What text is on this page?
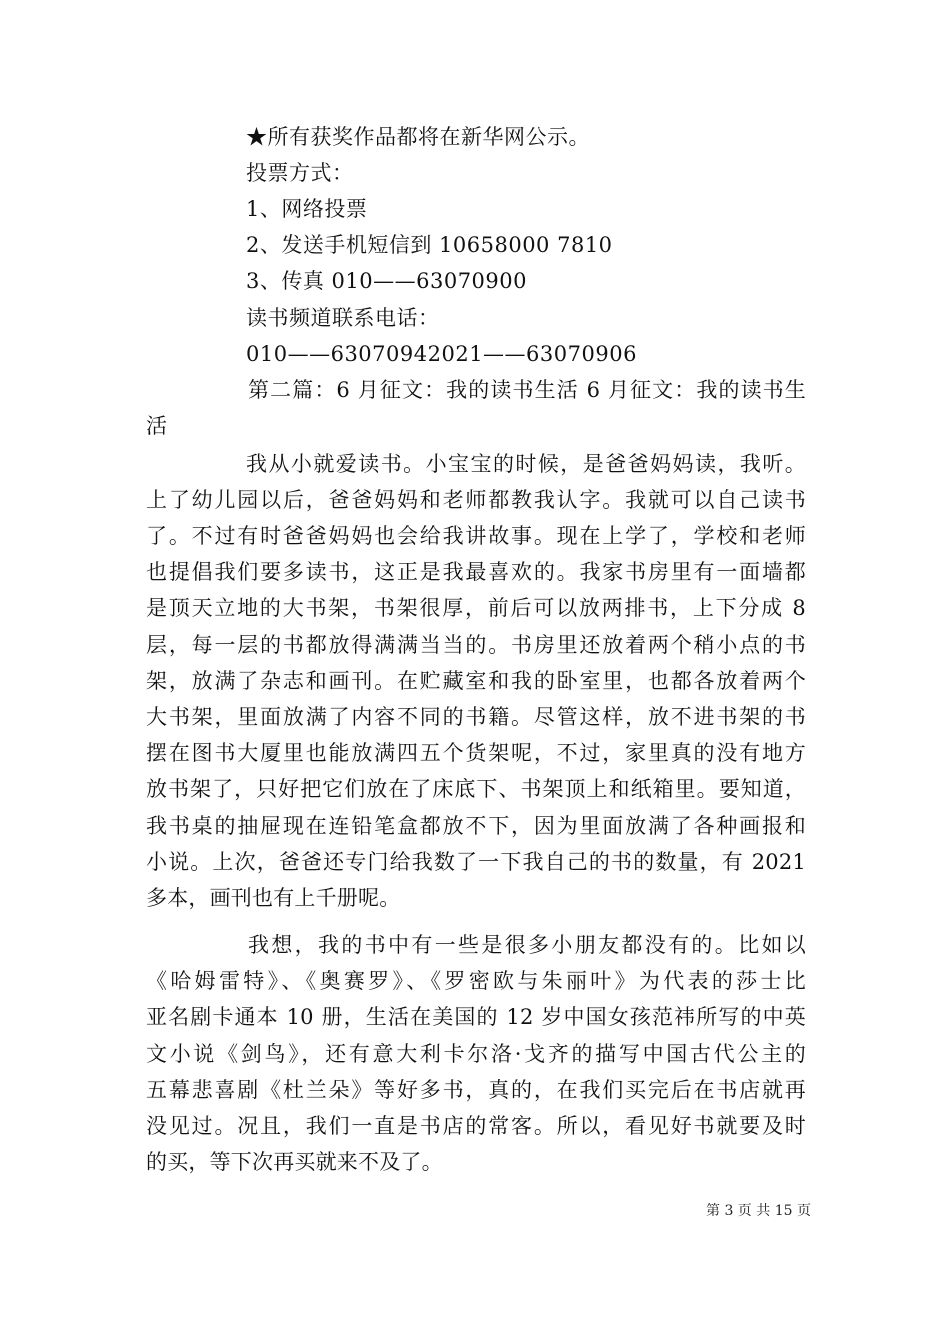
★所有获奖作品都将在新华网公示。
投票方式：
1、网络投票
2、发送手机短信到 10658000 7810
3、传真 010——63070900
读书频道联系电话：
010——63070942021——63070906
第二篇：6 月征文：我的读书生活 6 月征文：我的读书生
活
我从小就爱读书。小宝宝的时候，是爸爸妈妈读，我听。
上了幼儿园以后，爸爸妈妈和老师都教我认字。我就可以自己读书
了。不过有时爸爸妈妈也会给我讲故事。现在上学了，学校和老师
也提倡我们要多读书，这正是我最喜欢的。我家书房里有一面墙都
是顶天立地的大书架，书架很厚，前后可以放两排书，上下分成 8
层，每一层的书都放得满满当当的。书房里还放着两个稍小点的书
架，放满了杂志和画刊。在贮藏室和我的卧室里，也都各放着两个
大书架，里面放满了内容不同的书籍。尽管这样，放不进书架的书
摆在图书大厦里也能放满四五个货架呢，不过，家里真的没有地方
放书架了，只好把它们放在了床底下、书架顶上和纸箱里。要知道，
我书桌的抽屉现在连铅笔盒都放不下，因为里面放满了各种画报和
小说。上次，爸爸还专门给我数了一下我自己的书的数量，有 2021
多本，画刊也有上千册呢。
我想，我的书中有一些是很多小朋友都没有的。比如以
《哈姆雷特》、《奥赛罗》、《罗密欧与朱丽叶》为代表的莎士比
亚名剧卡通本 10 册，生活在美国的 12 岁中国女孩范祎所写的中英
文小说《剑鸟》，还有意大利卡尔洛·戈齐的描写中国古代公主的
五幕悲喜剧《杜兰朵》等好多书，真的，在我们买完后在书店就再
没见过。况且，我们一直是书店的常客。所以，看见好书就要及时
的买，等下次再买就来不及了。
第 3 页 共 15 页
